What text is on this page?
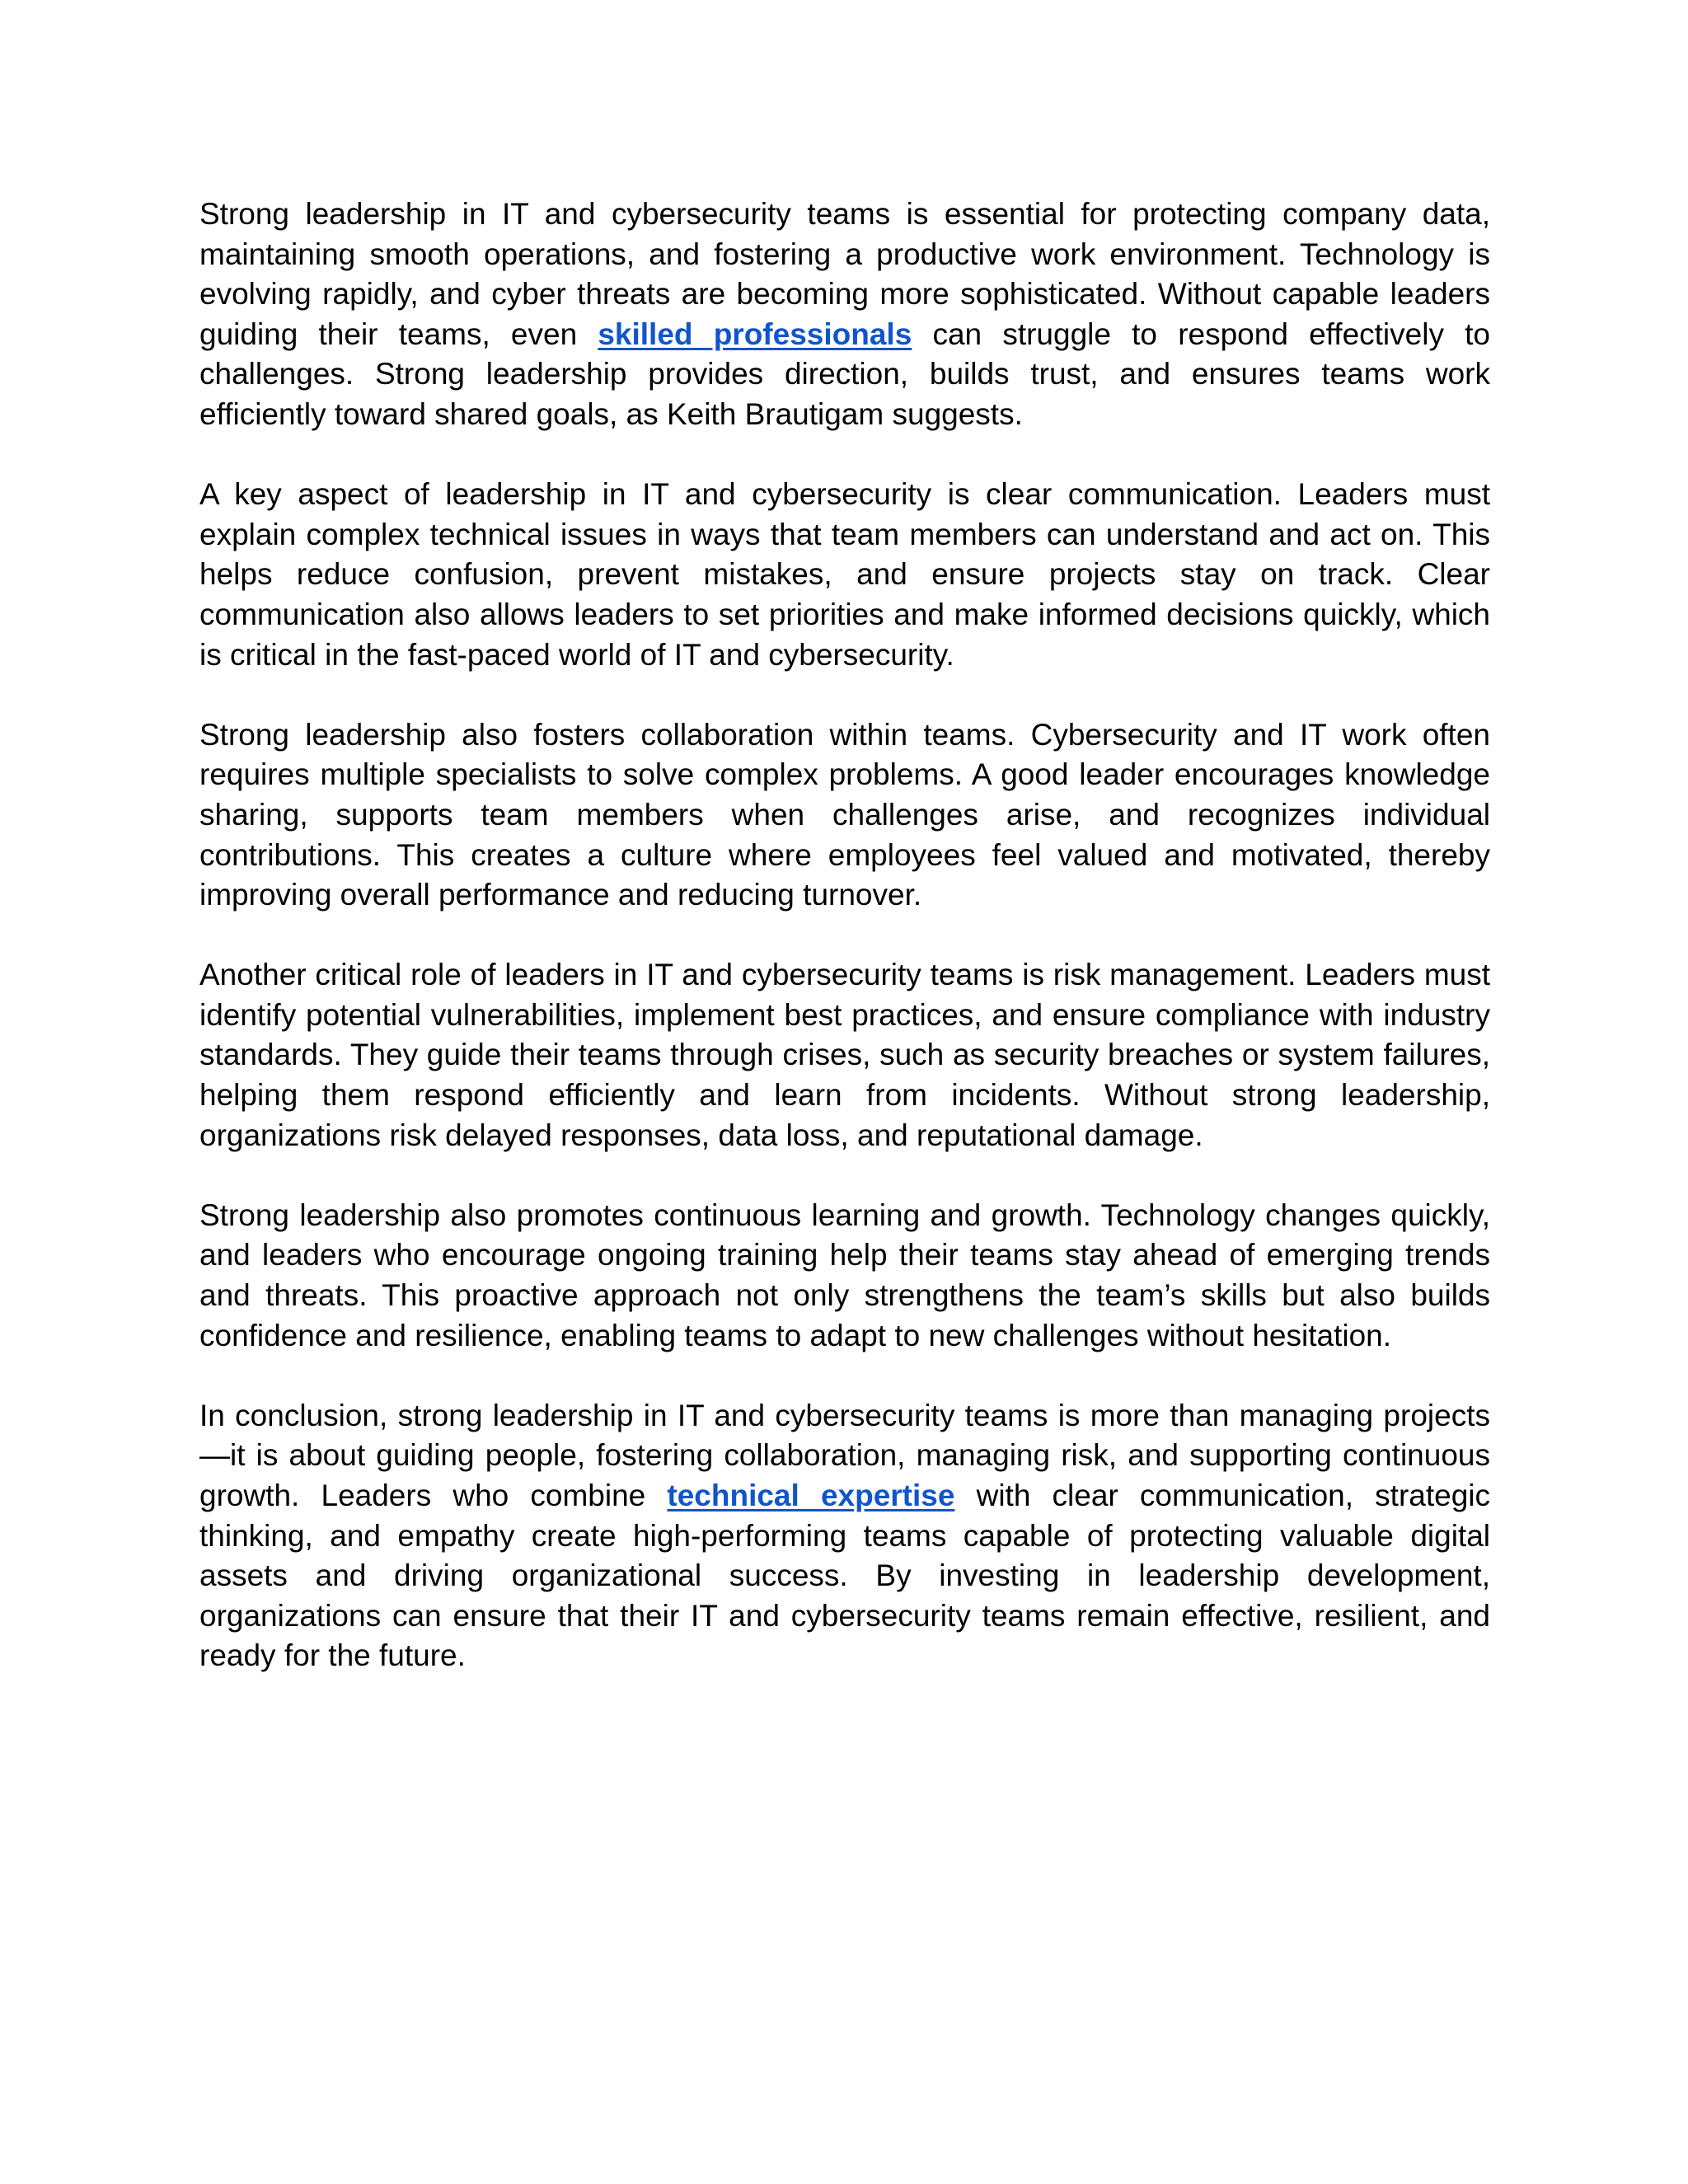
Strong leadership in IT and cybersecurity teams is essential for protecting company data, maintaining smooth operations, and fostering a productive work environment. Technology is evolving rapidly, and cyber threats are becoming more sophisticated. Without capable leaders guiding their teams, even skilled professionals can struggle to respond effectively to challenges. Strong leadership provides direction, builds trust, and ensures teams work efficiently toward shared goals, as Keith Brautigam suggests.

A key aspect of leadership in IT and cybersecurity is clear communication. Leaders must explain complex technical issues in ways that team members can understand and act on. This helps reduce confusion, prevent mistakes, and ensure projects stay on track. Clear communication also allows leaders to set priorities and make informed decisions quickly, which is critical in the fast-paced world of IT and cybersecurity.

Strong leadership also fosters collaboration within teams. Cybersecurity and IT work often requires multiple specialists to solve complex problems. A good leader encourages knowledge sharing, supports team members when challenges arise, and recognizes individual contributions. This creates a culture where employees feel valued and motivated, thereby improving overall performance and reducing turnover.

Another critical role of leaders in IT and cybersecurity teams is risk management. Leaders must identify potential vulnerabilities, implement best practices, and ensure compliance with industry standards. They guide their teams through crises, such as security breaches or system failures, helping them respond efficiently and learn from incidents. Without strong leadership, organizations risk delayed responses, data loss, and reputational damage.

Strong leadership also promotes continuous learning and growth. Technology changes quickly, and leaders who encourage ongoing training help their teams stay ahead of emerging trends and threats. This proactive approach not only strengthens the team’s skills but also builds confidence and resilience, enabling teams to adapt to new challenges without hesitation.

In conclusion, strong leadership in IT and cybersecurity teams is more than managing projects—it is about guiding people, fostering collaboration, managing risk, and supporting continuous growth. Leaders who combine technical expertise with clear communication, strategic thinking, and empathy create high-performing teams capable of protecting valuable digital assets and driving organizational success. By investing in leadership development, organizations can ensure that their IT and cybersecurity teams remain effective, resilient, and ready for the future.
